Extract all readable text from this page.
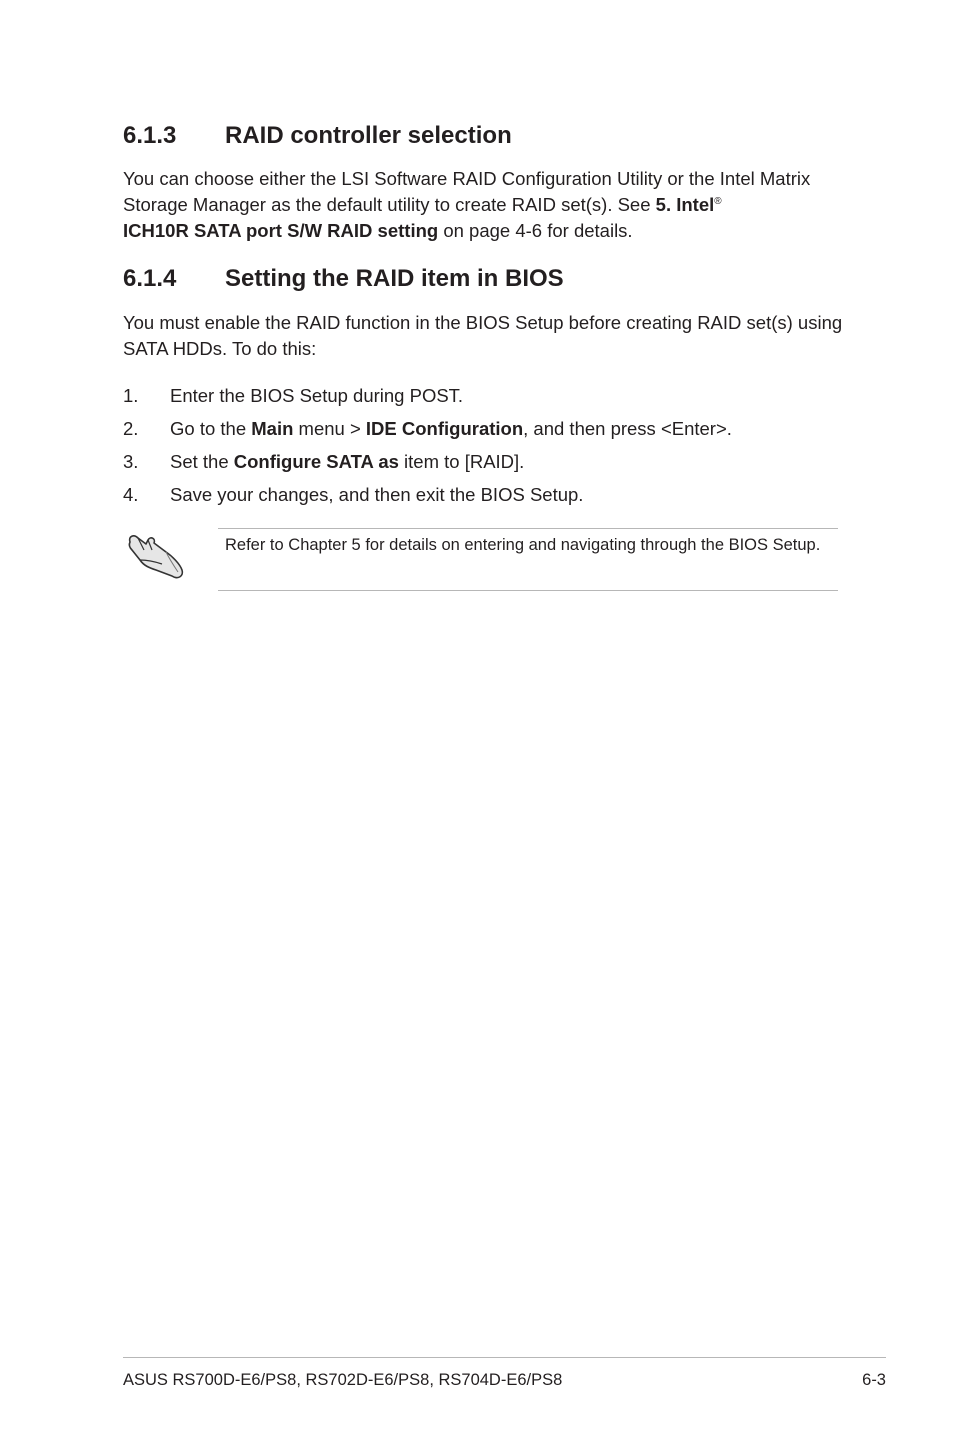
6.1.3 RAID controller selection

You can choose either the LSI Software RAID Configuration Utility or the Intel Matrix Storage Manager as the default utility to create RAID set(s). See 5. Intel®
ICH10R SATA port S/W RAID setting on page 4-6 for details.

6.1.4 Setting the RAID item in BIOS

You must enable the RAID function in the BIOS Setup before creating RAID set(s) using SATA HDDs. To do this:

1. Enter the BIOS Setup during POST.
2. Go to the Main menu > IDE Configuration, and then press <Enter>.
3. Set the Configure SATA as item to [RAID].
4. Save your changes, and then exit the BIOS Setup.

Refer to Chapter 5 for details on entering and navigating through the BIOS Setup.

ASUS RS700D-E6/PS8, RS702D-E6/PS8, RS704D-E6/PS8	6-3
